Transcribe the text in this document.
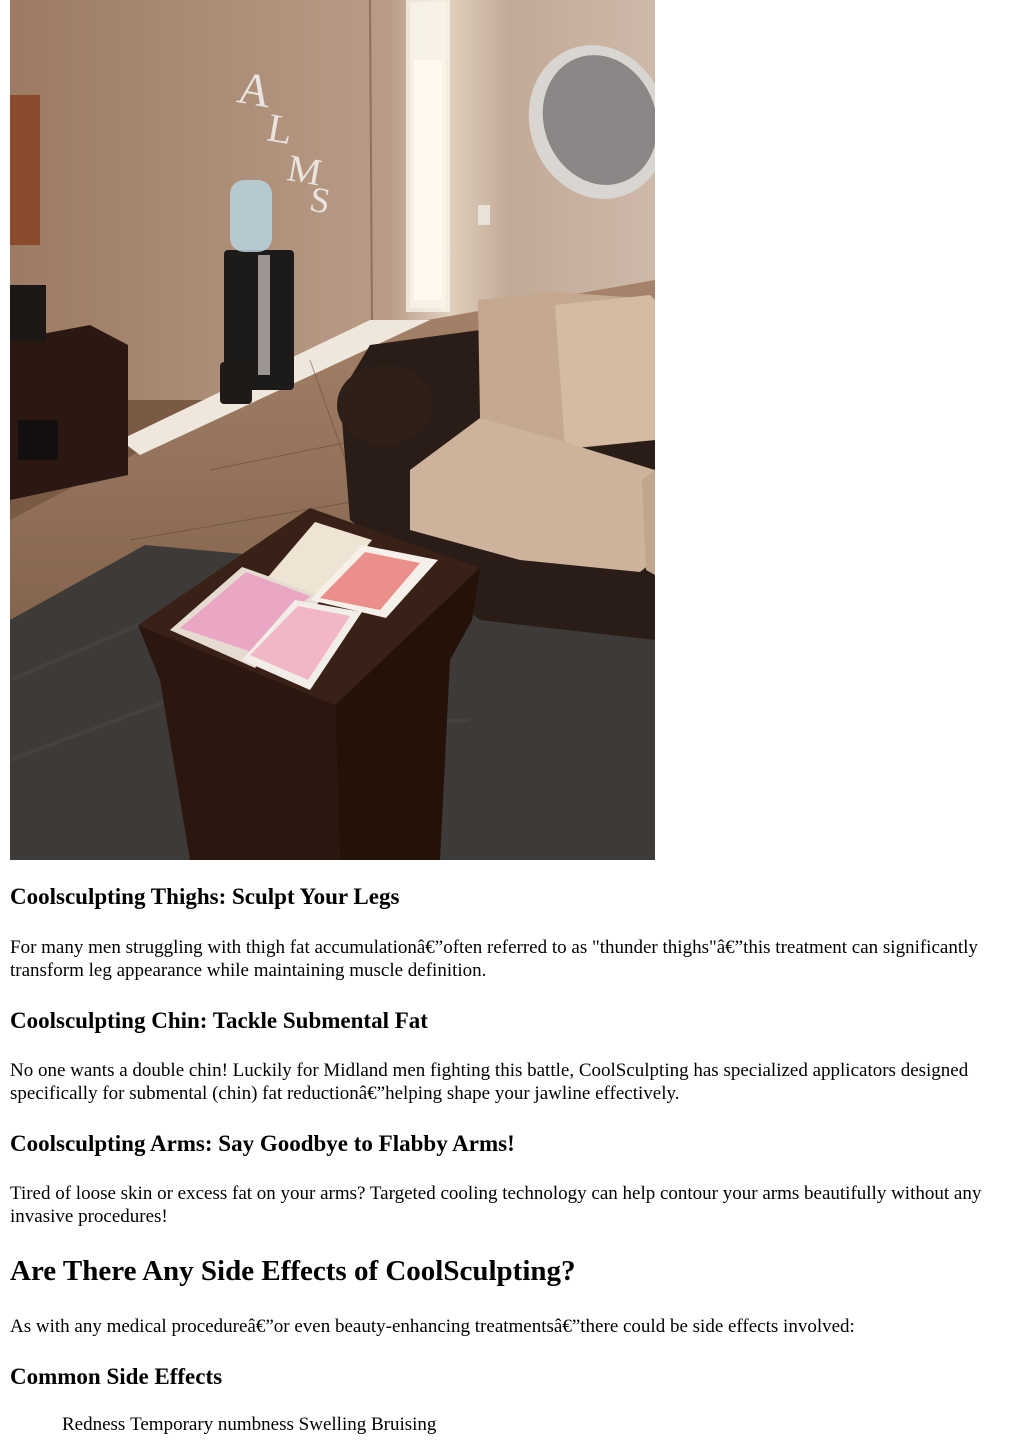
A
L
M
S
Coolsculpting Thighs: Sculpt Your Legs

For many men struggling with thigh fat accumulationâ€”often referred to as "thunder thighs"â€”this treatment can significantly transform leg appearance while maintaining muscle definition.

Coolsculpting Chin: Tackle Submental Fat

No one wants a double chin! Luckily for Midland men fighting this battle, CoolSculpting has specialized applicators designed specifically for submental (chin) fat reductionâ€”helping shape your jawline effectively.

Coolsculpting Arms: Say Goodbye to Flabby Arms!

Tired of loose skin or excess fat on your arms? Targeted cooling technology can help contour your arms beautifully without any invasive procedures!

Are There Any Side Effects of CoolSculpting?

As with any medical procedureâ€”or even beauty-enhancing treatmentsâ€”there could be side effects involved:

Common Side Effects
Redness Temporary numbness Swelling Bruising
